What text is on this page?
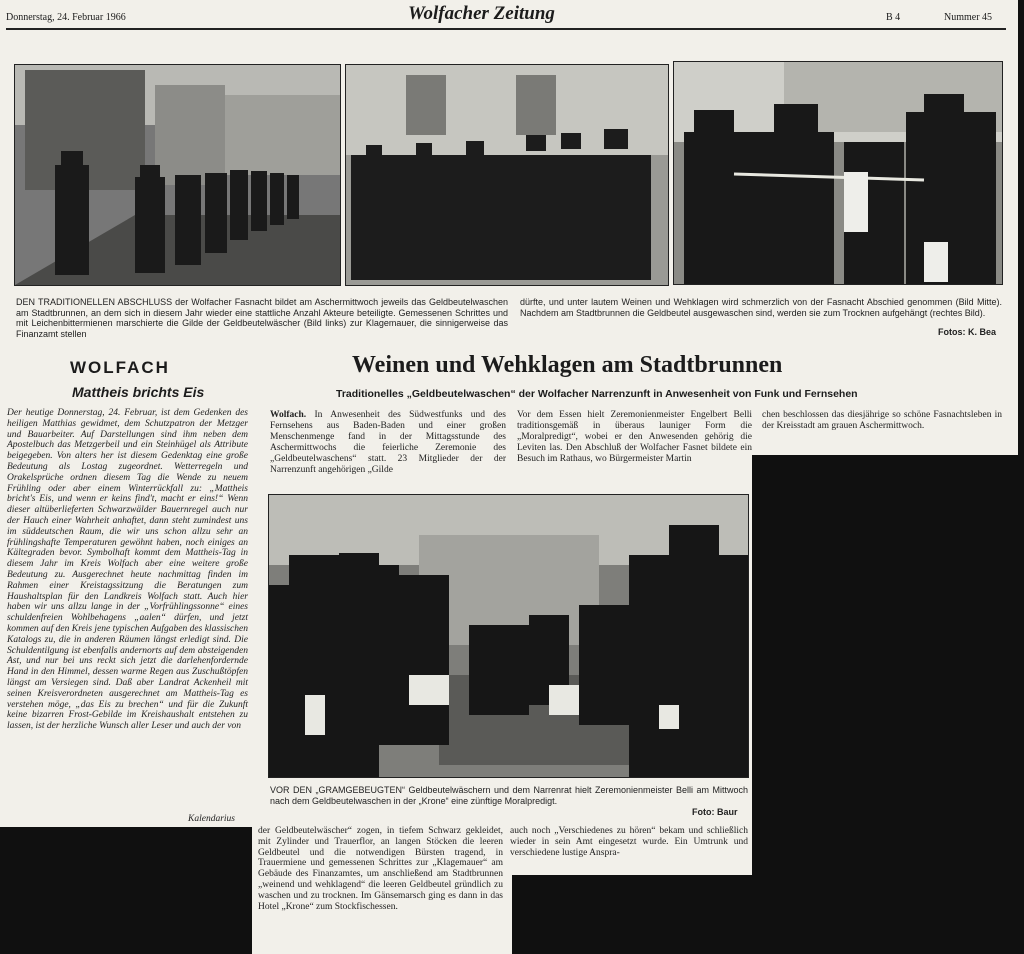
Donnerstag, 24. Februar 1966	Wolfacher Zeitung	B 4	Nummer 45
DEN TRADITIONELLEN ABSCHLUSS der Wolfacher Fasnacht bildet am Aschermittwoch jeweils das Geldbeutelwaschen am Stadtbrunnen, an dem sich in diesem Jahr wieder eine stattliche Anzahl Akteure beteiligte. Gemessenen Schrittes und mit Leichenbittermienen marschierte die Gilde der Geldbeutelwäscher (Bild links) zur Klagemauer, die sinnigerweise das Finanzamt stellen
dürfte, und unter lautem Weinen und Wehklagen wird schmerzlich von der Fasnacht Abschied genommen (Bild Mitte). Nachdem am Stadtbrunnen die Geldbeutel ausgewaschen sind, werden sie zum Trocknen aufgehängt (rechtes Bild).
Fotos: K. Bea
WOLFACH
Mattheis brichts Eis
Der heutige Donnerstag, 24. Februar, ist dem Gedenken des heiligen Matthias gewidmet, dem Schutzpatron der Metzger und Bauarbeiter. Auf Darstellungen sind ihm neben dem Apostelbuch das Metzgerbeil und ein Steinhügel als Attribute beigegeben. Von alters her ist diesem Gedenktag eine große Bedeutung als Lostag zugeordnet. Wetterregeln und Orakelsprüche ordnen diesem Tag die Wende zu neuem Frühling oder aber einem Winterrückfall zu: „Mattheis bricht's Eis, und wenn er keins find't, macht er eins!“ Wenn dieser altüberlieferten Schwarzwälder Bauernregel auch nur der Hauch einer Wahrheit anhaftet, dann steht zumindest uns im süddeutschen Raum, die wir uns schon allzu sehr an frühlingshafte Temperaturen gewöhnt haben, noch einiges an Kältegraden bevor. Symbolhaft kommt dem Mattheis-Tag in diesem Jahr im Kreis Wolfach aber eine weitere große Bedeutung zu. Ausgerechnet heute nachmittag finden im Rahmen einer Kreistagssitzung die Beratungen zum Haushaltsplan für den Landkreis Wolfach statt. Auch hier haben wir uns allzu lange in der „Vorfrühlingssonne“ eines schuldenfreien Wohlbehagens „aalen“ dürfen, und jetzt kommen auf den Kreis jene typischen Aufgaben des klassischen Katalogs zu, die in anderen Räumen längst erledigt sind. Die Schuldentilgung ist ebenfalls andernorts auf dem absteigenden Ast, und nur bei uns reckt sich jetzt die darlehenfordernde Hand in den Himmel, dessen warme Regen aus Zuschußtöpfen längst am Versiegen sind. Daß aber Landrat Ackenheil mit seinen Kreisverordneten ausgerechnet am Mattheis-Tag es verstehen möge, „das Eis zu brechen“ und für die Zukunft keine bizarren Frost-Gebilde im Kreishaushalt entstehen zu lassen, ist der herzliche Wunsch aller Leser und auch der von
Kalendarius
Weinen und Wehklagen am Stadtbrunnen
Traditionelles „Geldbeutelwaschen“ der Wolfacher Narrenzunft in Anwesenheit von Funk und Fernsehen
Wolfach. In Anwesenheit des Südwestfunks und des Fernsehens aus Baden-Baden und einer großen Menschenmenge fand in der Mittagsstunde des Aschermittwochs die feierliche Zeremonie des „Geldbeutelwaschens“ statt. 23 Mitglieder der der Narrenzunft angehörigen „Gilde
Vor dem Essen hielt Zeremonienmeister Engelbert Belli traditionsgemäß in überaus launiger Form die „Moralpredigt“, wobei er den Anwesenden gehörig die Leviten las. Den Abschluß der Wolfacher Fasnet bildete ein Besuch im Rathaus, wo Bürgermeister Martin
chen beschlossen das diesjährige so schöne Fasnachtsleben in der Kreisstadt am grauen Aschermittwoch.
VOR DEN „GRAMGEBEUGTEN“ Geldbeutelwäschern und dem Narrenrat hielt Zeremonienmeister Belli am Mittwoch nach dem Geldbeutelwaschen in der „Krone“ eine zünftige Moralpredigt.
Foto: Baur
der Geldbeutelwäscher“ zogen, in tiefem Schwarz gekleidet, mit Zylinder und Trauerflor, an langen Stöcken die leeren Geldbeutel und die notwendigen Bürsten tragend, in Trauermiene und gemessenen Schrittes zur „Klagemauer“ am Gebäude des Finanzamtes, um anschließend am Stadtbrunnen „weinend und wehklagend“ die leeren Geldbeutel gründlich zu waschen und zu trocknen. Im Gänsemarsch ging es dann in das Hotel „Krone“ zum Stockfischessen.
auch noch „Verschiedenes zu hören“ bekam und schließlich wieder in sein Amt eingesetzt wurde. Ein Umtrunk und verschiedene lustige Anspra-
